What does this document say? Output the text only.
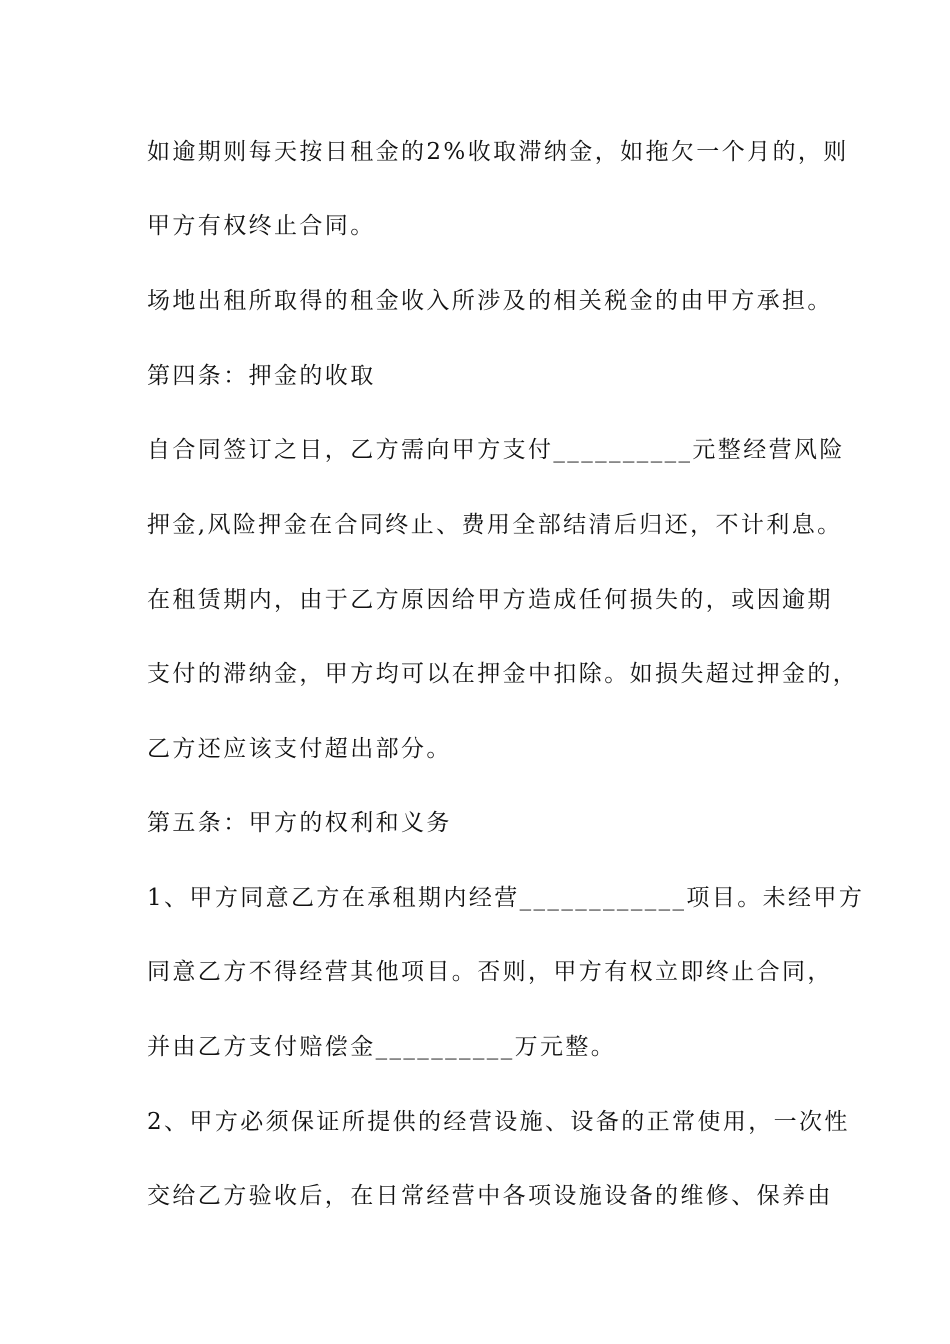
如逾期则每天按日租金的2%收取滞纳金，如拖欠一个月的，则
甲方有权终止合同。
场地出租所取得的租金收入所涉及的相关税金的由甲方承担。
第四条：押金的收取
自合同签订之日，乙方需向甲方支付__________元整经营风险
押金,风险押金在合同终止、费用全部结清后归还，不计利息。
在租赁期内，由于乙方原因给甲方造成任何损失的，或因逾期
支付的滞纳金，甲方均可以在押金中扣除。如损失超过押金的，
乙方还应该支付超出部分。
第五条：甲方的权利和义务
1、甲方同意乙方在承租期内经营____________项目。未经甲方
同意乙方不得经营其他项目。否则，甲方有权立即终止合同，
并由乙方支付赔偿金__________万元整。
2、甲方必须保证所提供的经营设施、设备的正常使用，一次性
交给乙方验收后，在日常经营中各项设施设备的维修、保养由
